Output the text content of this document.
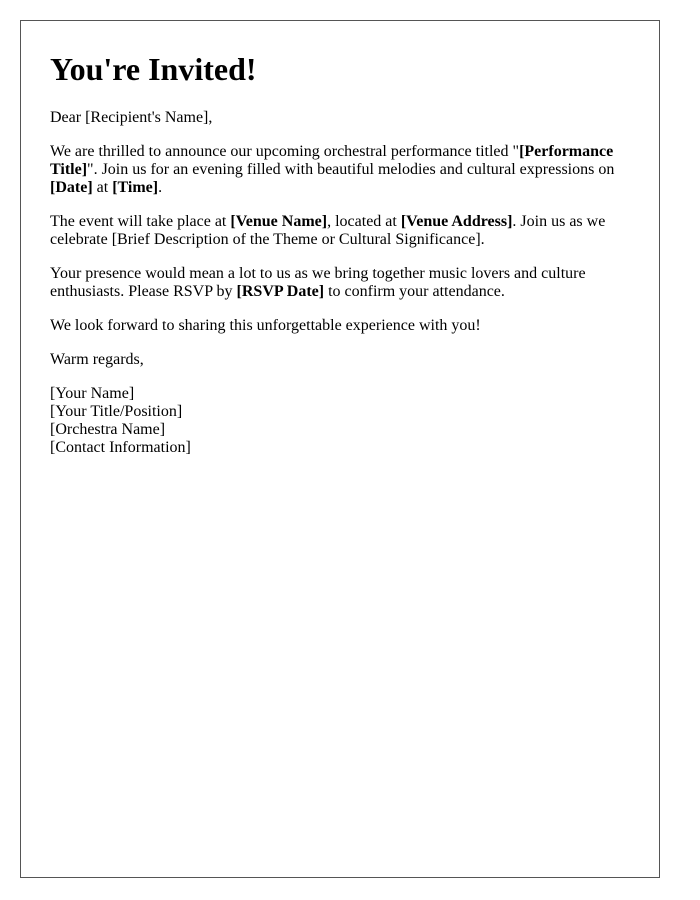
You're Invited!

Dear [Recipient's Name],

We are thrilled to announce our upcoming orchestral performance titled "[Performance Title]". Join us for an evening filled with beautiful melodies and cultural expressions on [Date] at [Time].

The event will take place at [Venue Name], located at [Venue Address]. Join us as we celebrate [Brief Description of the Theme or Cultural Significance].

Your presence would mean a lot to us as we bring together music lovers and culture enthusiasts. Please RSVP by [RSVP Date] to confirm your attendance.

We look forward to sharing this unforgettable experience with you!

Warm regards,

[Your Name]
[Your Title/Position]
[Orchestra Name]
[Contact Information]
